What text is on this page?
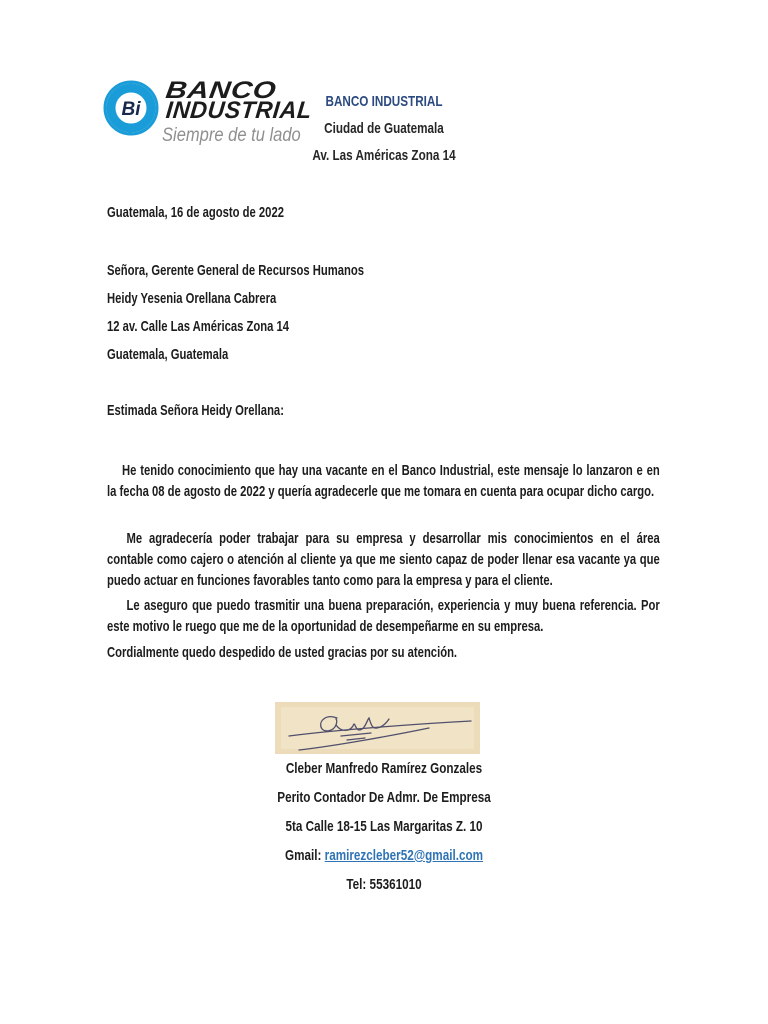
Bi
BANCO
INDUSTRIAL
Siempre de tu lado
BANCO INDUSTRIAL
Ciudad de Guatemala
Av. Las Américas Zona 14
Guatemala, 16 de agosto de 2022
Señora, Gerente General de Recursos Humanos
Heidy Yesenia Orellana Cabrera
12 av. Calle Las Américas Zona 14
Guatemala, Guatemala
Estimada Señora Heidy Orellana:

He tenido conocimiento que hay una vacante en el Banco Industrial, este mensaje lo lanzaron e en la fecha 08 de agosto de 2022 y quería agradecerle que me tomara en cuenta para ocupar dicho cargo.

Me agradecería poder trabajar para su empresa y desarrollar mis conocimientos en el área contable como cajero o atención al cliente ya que me siento capaz de poder llenar esa vacante ya que puedo actuar en funciones favorables tanto como para la empresa y para el cliente.

Le aseguro que puedo trasmitir una buena preparación, experiencia y muy buena referencia. Por este motivo le ruego que me de la oportunidad de desempeñarme en su empresa.

Cordialmente quedo despedido de usted gracias por su atención.
Cleber Manfredo Ramírez Gonzales
Perito Contador De Admr. De Empresa
5ta Calle 18-15 Las Margaritas Z. 10
Gmail: ramirezcleber52@gmail.com
Tel: 55361010
